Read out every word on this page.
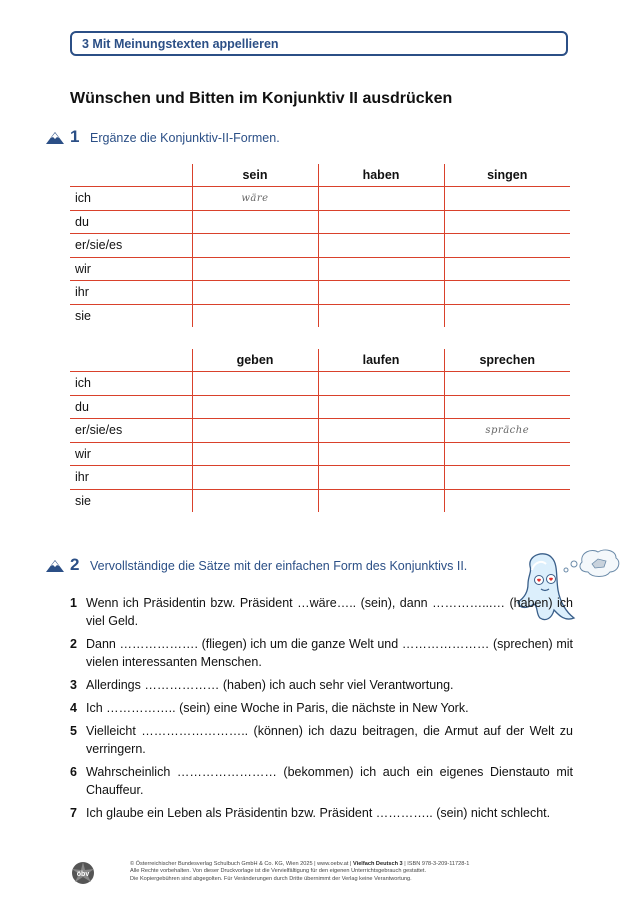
3 Mit Meinungstexten appellieren
Wünschen und Bitten im Konjunktiv II ausdrücken
1 Ergänze die Konjunktiv-II-Formen.
	sein	haben	singen
ich	wäre		

du	

er/sie/es	

wir	

ihr	

sie	

	geben	laufen	sprechen
ich	

du	

er/sie/es			spräche

wir	

ihr	

sie	

2 Vervollständige die Sätze mit der einfachen Form des Konjunktivs II.
1 Wenn ich Präsidentin bzw. Präsident …wäre….. (sein), dann …………...… (haben) ich viel Geld.
2 Dann ………………. (fliegen) ich um die ganze Welt und ………………… (sprechen) mit vielen interessanten Menschen.
3 Allerdings ……………… (haben) ich auch sehr viel Verantwortung.
4 Ich …………….. (sein) eine Woche in Paris, die nächste in New York.
5 Vielleicht …………………….. (können) ich dazu beitragen, die Armut auf der Welt zu verringern.
6 Wahrscheinlich …………………… (bekommen) ich auch ein eigenes Dienstauto mit Chauffeur.
7 Ich glaube ein Leben als Präsidentin bzw. Präsident ………….. (sein) nicht schlecht.
öbv
© Österreichischer Bundesverlag Schulbuch GmbH & Co. KG, Wien 2025 | www.oebv.at | Vielfach Deutsch 3 | ISBN 978-3-209-11728-1
Alle Rechte vorbehalten. Von dieser Druckvorlage ist die Vervielfältigung für den eigenen Unterrichtsgebrauch gestattet.
Die Kopiergebühren sind abgegolten. Für Veränderungen durch Dritte übernimmt der Verlag keine Verantwortung.
